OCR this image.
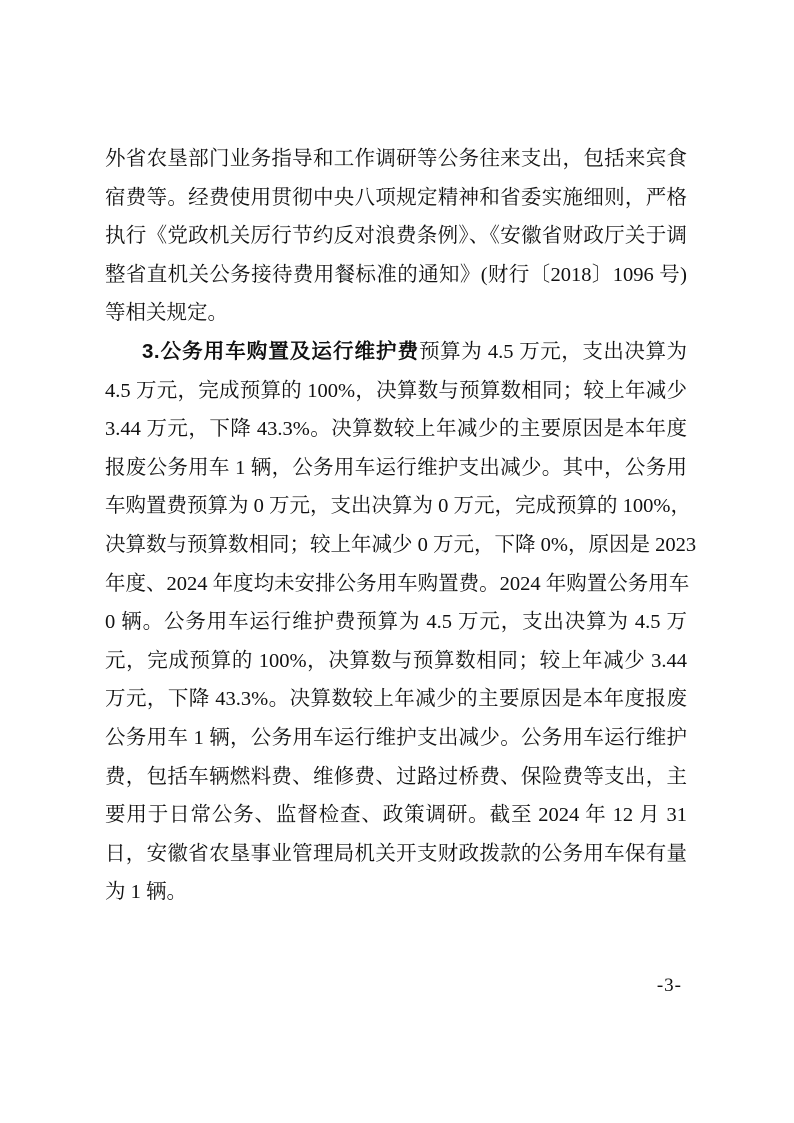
外省农垦部门业务指导和工作调研等公务往来支出，包括来宾食
宿费等。经费使用贯彻中央八项规定精神和省委实施细则，严格
执行《党政机关厉行节约反对浪费条例》、《安徽省财政厅关于调
整省直机关公务接待费用餐标准的通知》(财行〔2018〕1096 号)
等相关规定。
3.公务用车购置及运行维护费预算为 4.5 万元，支出决算为
4.5 万元，完成预算的 100%，决算数与预算数相同；较上年减少
3.44 万元，下降 43.3%。决算数较上年减少的主要原因是本年度
报废公务用车 1 辆，公务用车运行维护支出减少。其中，公务用
车购置费预算为 0 万元，支出决算为 0 万元，完成预算的 100%，
决算数与预算数相同；较上年减少 0 万元，下降 0%，原因是 2023
年度、2024 年度均未安排公务用车购置费。2024 年购置公务用车
0 辆。公务用车运行维护费预算为 4.5 万元，支出决算为 4.5 万
元，完成预算的 100%，决算数与预算数相同；较上年减少 3.44
万元，下降 43.3%。决算数较上年减少的主要原因是本年度报废
公务用车 1 辆，公务用车运行维护支出减少。公务用车运行维护
费，包括车辆燃料费、维修费、过路过桥费、保险费等支出，主
要用于日常公务、监督检查、政策调研。截至 2024 年 12 月 31
日，安徽省农垦事业管理局机关开支财政拨款的公务用车保有量
为 1 辆。
-3-
